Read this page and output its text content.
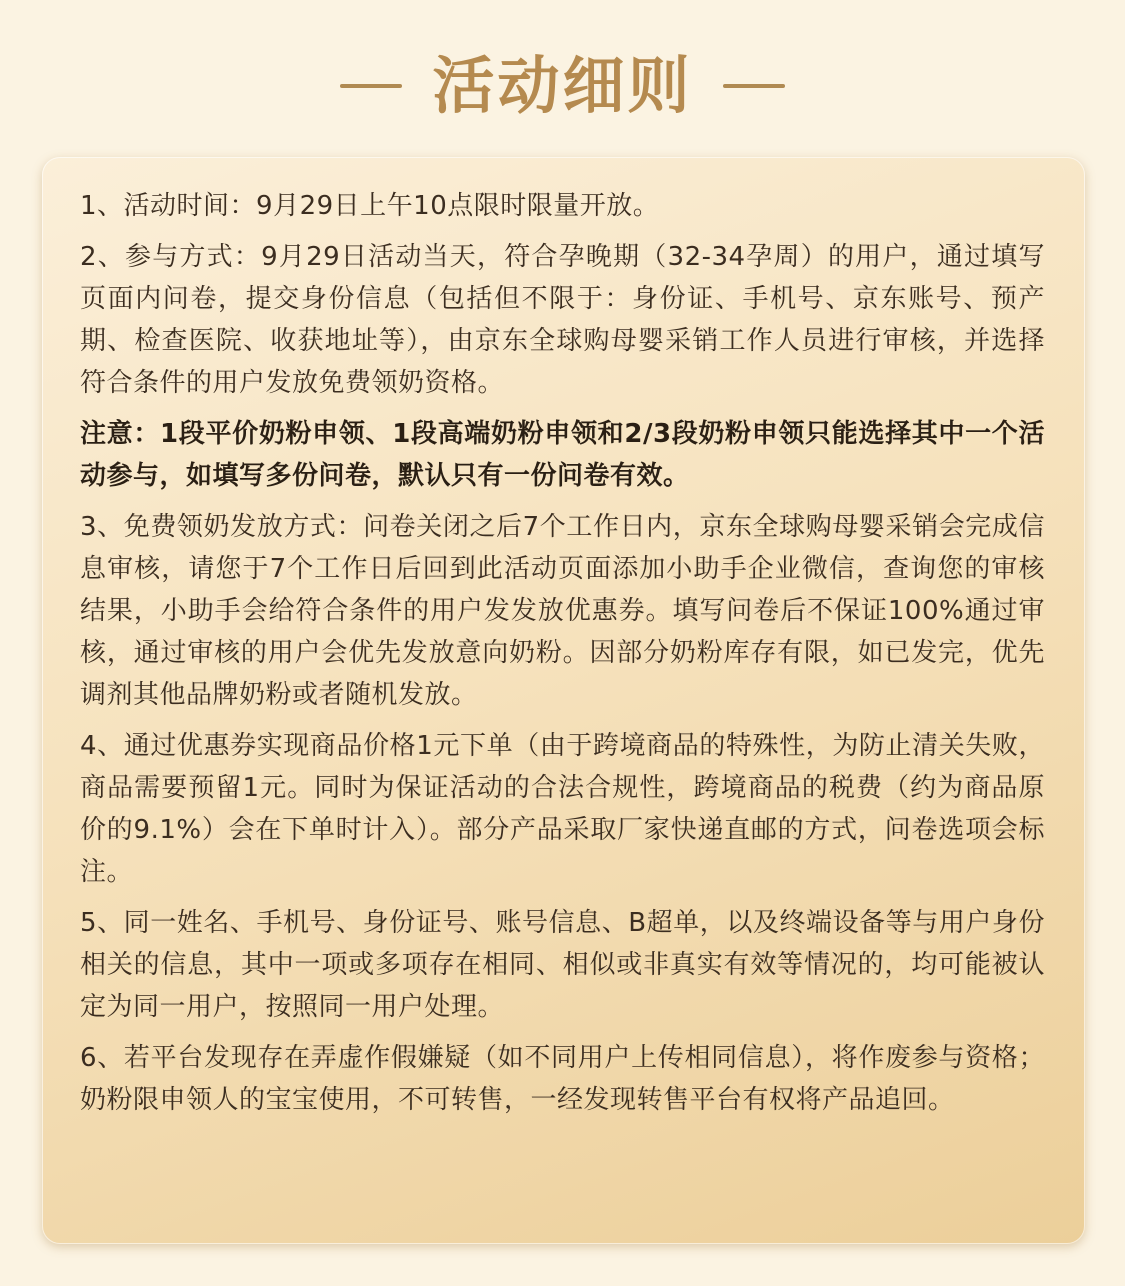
活动细则

1、活动时间：9月29日上午10点限时限量开放。

2、参与方式：9月29日活动当天，符合孕晚期（32-34孕周）的用户，通过填写页面内问卷，提交身份信息（包括但不限于：身份证、手机号、京东账号、预产期、检查医院、收获地址等），由京东全球购母婴采销工作人员进行审核，并选择符合条件的用户发放免费领奶资格。

注意：1段平价奶粉申领、1段高端奶粉申领和2/3段奶粉申领只能选择其中一个活动参与，如填写多份问卷，默认只有一份问卷有效。

3、免费领奶发放方式：问卷关闭之后7个工作日内，京东全球购母婴采销会完成信息审核，请您于7个工作日后回到此活动页面添加小助手企业微信，查询您的审核结果，小助手会给符合条件的用户发发放优惠券。填写问卷后不保证100%通过审核，通过审核的用户会优先发放意向奶粉。因部分奶粉库存有限，如已发完，优先调剂其他品牌奶粉或者随机发放。

4、通过优惠券实现商品价格1元下单（由于跨境商品的特殊性，为防止清关失败，商品需要预留1元。同时为保证活动的合法合规性，跨境商品的税费（约为商品原价的9.1%）会在下单时计入）。部分产品采取厂家快递直邮的方式，问卷选项会标注。

5、同一姓名、手机号、身份证号、账号信息、B超单，以及终端设备等与用户身份相关的信息，其中一项或多项存在相同、相似或非真实有效等情况的，均可能被认定为同一用户，按照同一用户处理。

6、若平台发现存在弄虚作假嫌疑（如不同用户上传相同信息），将作废参与资格；奶粉限申领人的宝宝使用，不可转售，一经发现转售平台有权将产品追回。
